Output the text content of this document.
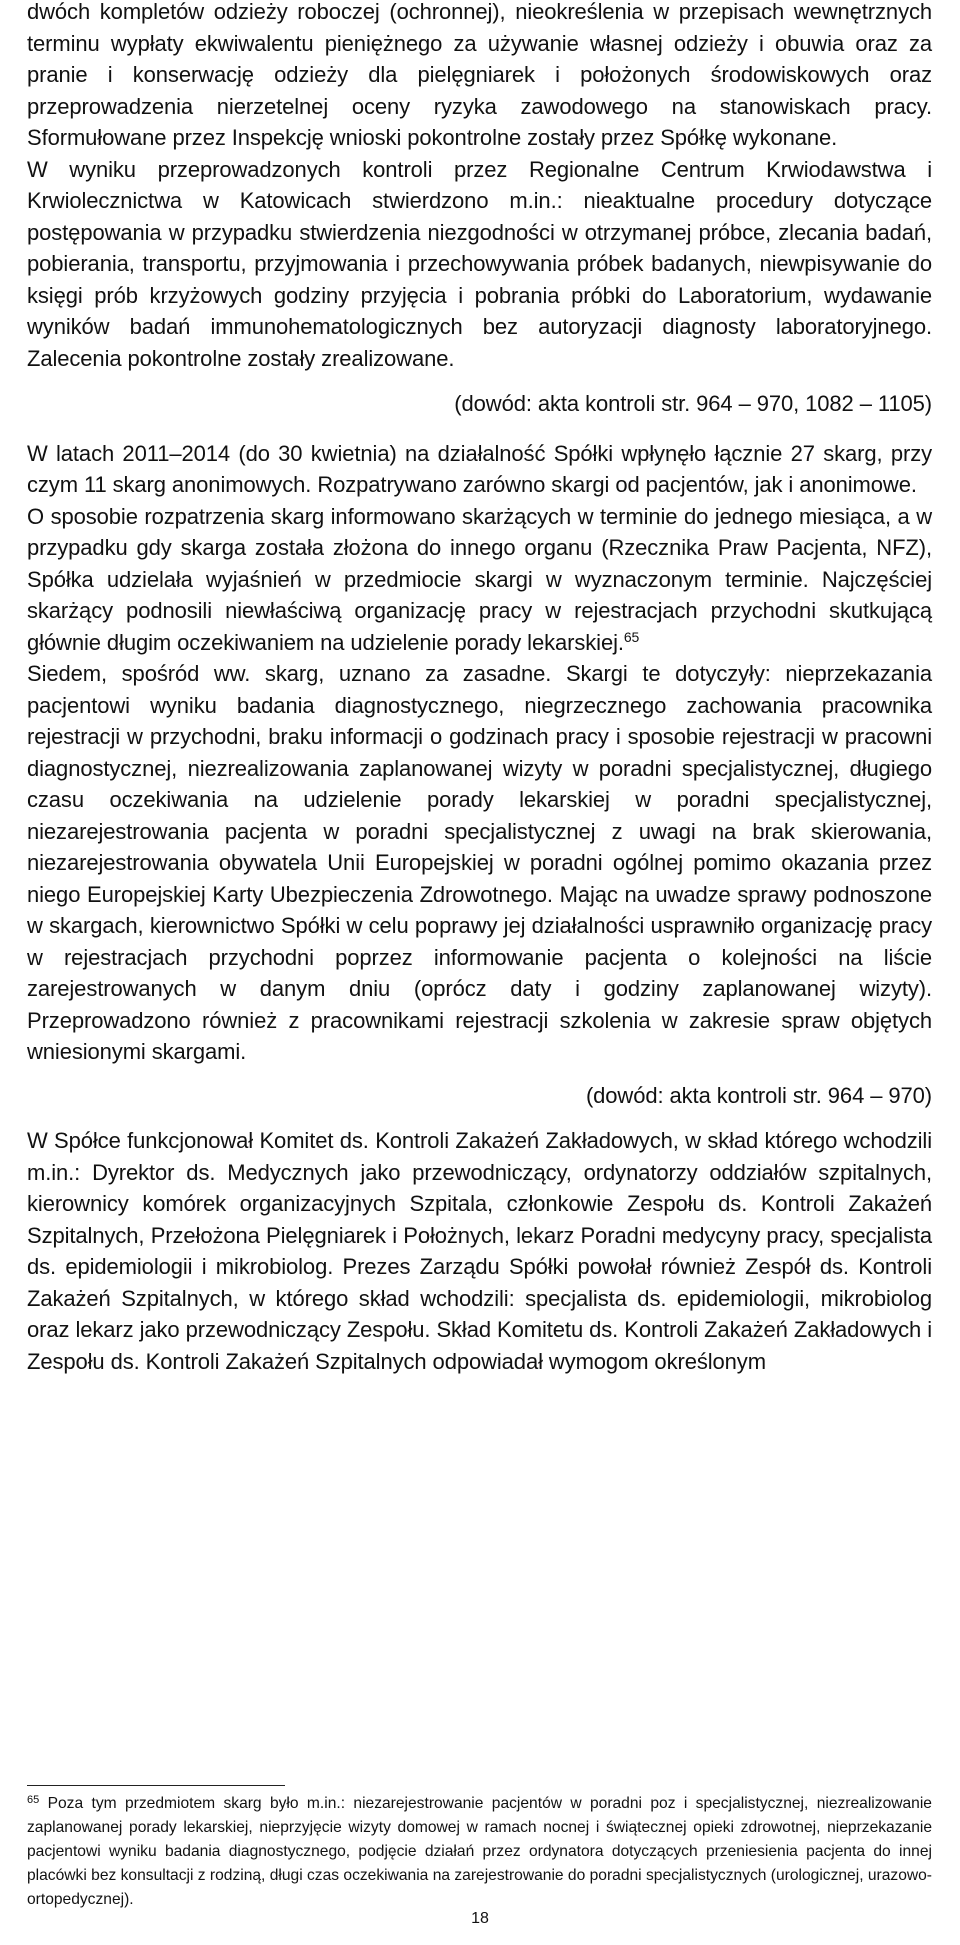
dwóch kompletów odzieży roboczej (ochronnej), nieokreślenia w przepisach wewnętrznych terminu wypłaty ekwiwalentu pieniężnego za używanie własnej odzieży i obuwia oraz za pranie i konserwację odzieży dla pielęgniarek i położonych środowiskowych oraz przeprowadzenia nierzetelnej oceny ryzyka zawodowego na stanowiskach pracy. Sformułowane przez Inspekcję wnioski pokontrolne zostały przez Spółkę wykonane.

W wyniku przeprowadzonych kontroli przez Regionalne Centrum Krwiodawstwa i Krwiolecznictwa w Katowicach stwierdzono m.in.: nieaktualne procedury dotyczące postępowania w przypadku stwierdzenia niezgodności w otrzymanej próbce, zlecania badań, pobierania, transportu, przyjmowania i przechowywania próbek badanych, niewpisywanie do księgi prób krzyżowych godziny przyjęcia i pobrania próbki do Laboratorium, wydawanie wyników badań immunohematologicznych bez autoryzacji diagnosty laboratoryjnego. Zalecenia pokontrolne zostały zrealizowane.

(dowód: akta kontroli str. 964 – 970, 1082 – 1105)

W latach 2011–2014 (do 30 kwietnia) na działalność Spółki wpłynęło łącznie 27 skarg, przy czym 11 skarg anonimowych. Rozpatrywano zarówno skargi od pacjentów, jak i anonimowe.

O sposobie rozpatrzenia skarg informowano skarżących w terminie do jednego miesiąca, a w przypadku gdy skarga została złożona do innego organu (Rzecznika Praw Pacjenta, NFZ), Spółka udzielała wyjaśnień w przedmiocie skargi w wyznaczonym terminie. Najczęściej skarżący podnosili niewłaściwą organizację pracy w rejestracjach przychodni skutkującą głównie długim oczekiwaniem na udzielenie porady lekarskiej.$^{65}$

Siedem, spośród ww. skarg, uznano za zasadne. Skargi te dotyczyły: nieprzekazania pacjentowi wyniku badania diagnostycznego, niegrzecznego zachowania pracownika rejestracji w przychodni, braku informacji o godzinach pracy i sposobie rejestracji w pracowni diagnostycznej, niezrealizowania zaplanowanej wizyty w poradni specjalistycznej, długiego czasu oczekiwania na udzielenie porady lekarskiej w poradni specjalistycznej, niezarejestrowania pacjenta w poradni specjalistycznej z uwagi na brak skierowania, niezarejestrowania obywatela Unii Europejskiej w poradni ogólnej pomimo okazania przez niego Europejskiej Karty Ubezpieczenia Zdrowotnego. Mając na uwadze sprawy podnoszone w skargach, kierownictwo Spółki w celu poprawy jej działalności usprawniło organizację pracy w rejestracjach przychodni poprzez informowanie pacjenta o kolejności na liście zarejestrowanych w danym dniu (oprócz daty i godziny zaplanowanej wizyty). Przeprowadzono również z pracownikami rejestracji szkolenia w zakresie spraw objętych wniesionymi skargami.

(dowód: akta kontroli str. 964 – 970)

W Spółce funkcjonował Komitet ds. Kontroli Zakażeń Zakładowych, w skład którego wchodzili m.in.: Dyrektor ds. Medycznych jako przewodniczący, ordynatorzy oddziałów szpitalnych, kierownicy komórek organizacyjnych Szpitala, członkowie Zespołu ds. Kontroli Zakażeń Szpitalnych, Przełożona Pielęgniarek i Położnych, lekarz Poradni medycyny pracy, specjalista ds. epidemiologii i mikrobiolog. Prezes Zarządu Spółki powołał również Zespół ds. Kontroli Zakażeń Szpitalnych, w którego skład wchodzili: specjalista ds. epidemiologii, mikrobiolog oraz lekarz jako przewodniczący Zespołu. Skład Komitetu ds. Kontroli Zakażeń Zakładowych i Zespołu ds. Kontroli Zakażeń Szpitalnych odpowiadał wymogom określonym

$^{65}$ Poza tym przedmiotem skarg było m.in.: niezarejestrowanie pacjentów w poradni poz i specjalistycznej, niezrealizowanie zaplanowanej porady lekarskiej, nieprzyjęcie wizyty domowej w ramach nocnej i świątecznej opieki zdrowotnej, nieprzekazanie pacjentowi wyniku badania diagnostycznego, podjęcie działań przez ordynatora dotyczących przeniesienia pacjenta do innej placówki bez konsultacji z rodziną, długi czas oczekiwania na zarejestrowanie do poradni specjalistycznych (urologicznej, urazowo-ortopedycznej).
18
